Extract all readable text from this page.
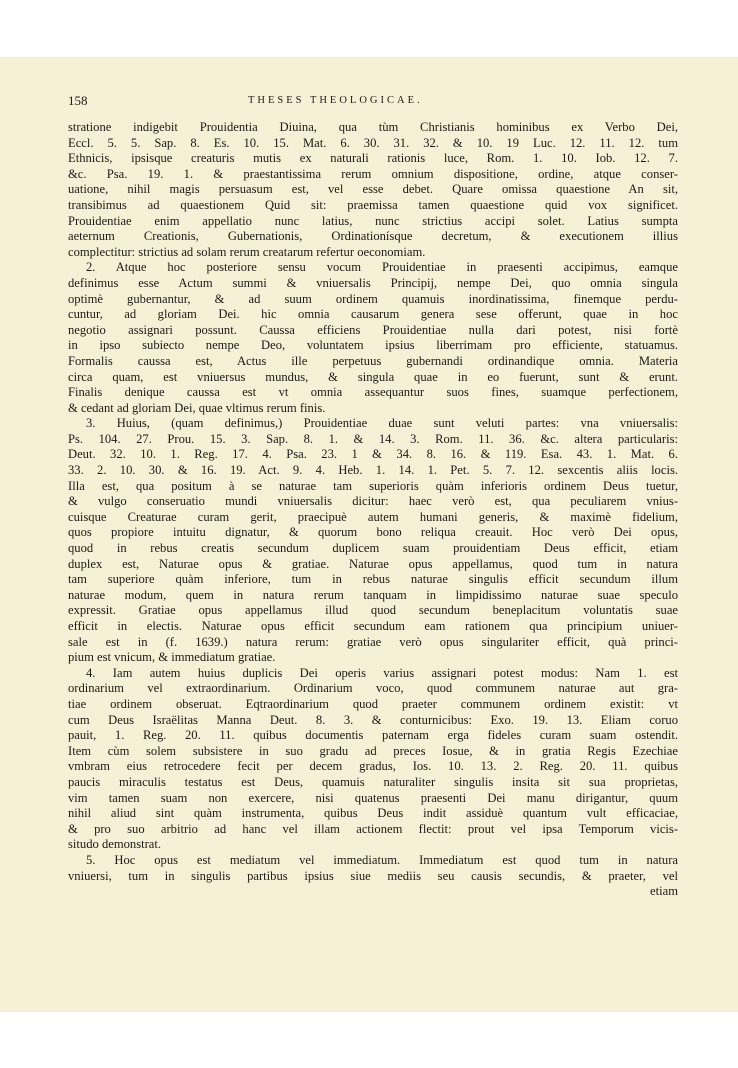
158	THESES THEOLOGICAE.
stratione indigebit Prouidentia Diuina, qua tùm Christianis hominibus ex Verbo Dei,
Eccl. 5. 5. Sap. 8. Es. 10. 15. Mat. 6. 30. 31. 32. & 10. 19 Luc. 12. 11. 12. tum
Ethnicis, ipsisque creaturis mutis ex naturali rationis luce, Rom. 1. 10. Iob. 12. 7.
&c. Psa. 19. 1. & praestantissima rerum omnium dispositione, ordine, atque conser-
uatione, nihil magis persuasum est, vel esse debet. Quare omissa quaestione An sit,
transibimus ad quaestionem Quid sit: praemissa tamen quaestione quid vox significet.
Prouidentiae enim appellatio nunc latius, nunc strictius accipi solet. Latius sumpta
aeternum Creationis, Gubernationis, Ordinationísque decretum, & executionem illius
complectitur: strictius ad solam rerum creatarum refertur oeconomiam.
2. Atque hoc posteriore sensu vocum Prouidentiae in praesenti accipimus, eamque
definimus esse Actum summi & vniuersalis Principij, nempe Dei, quo omnia singula
optimè gubernantur, & ad suum ordinem quamuis inordinatissima, finemque perdu-
cuntur, ad gloriam Dei. hic omnia causarum genera sese offerunt, quae in hoc
negotio assignari possunt. Caussa efficiens Prouidentiae nulla dari potest, nisi fortè
in ipso subiecto nempe Deo, voluntatem ipsius liberrimam pro efficiente, statuamus.
Formalis caussa est, Actus ille perpetuus gubernandi ordinandique omnia. Materia
circa quam, est vniuersus mundus, & singula quae in eo fuerunt, sunt & erunt.
Finalis denique caussa est vt omnia assequantur suos fines, suamque perfectionem,
& cedant ad gloriam Dei, quae vltimus rerum finis.
3. Huius, (quam definimus,) Prouidentiae duae sunt veluti partes: vna vniuersalis:
Ps. 104. 27. Prou. 15. 3. Sap. 8. 1. & 14. 3. Rom. 11. 36. &c. altera particularis:
Deut. 32. 10. 1. Reg. 17. 4. Psa. 23. 1 & 34. 8. 16. & 119. Esa. 43. 1. Mat. 6.
33. 2. 10. 30. & 16. 19. Act. 9. 4. Heb. 1. 14. 1. Pet. 5. 7. 12. sexcentis aliis locis.
Illa est, qua positum à se naturae tam superioris quàm inferioris ordinem Deus tuetur,
& vulgo conseruatio mundi vniuersalis dicitur: haec verò est, qua peculiarem vnius-
cuisque Creaturae curam gerit, praecipuè autem humani generis, & maximè fidelium,
quos propiore intuitu dignatur, & quorum bono reliqua creauit. Hoc verò Dei opus,
quod in rebus creatis secundum duplicem suam prouidentiam Deus efficit, etiam
duplex est, Naturae opus & gratiae. Naturae opus appellamus, quod tum in natura
tam superiore quàm inferiore, tum in rebus naturae singulis efficit secundum illum
naturae modum, quem in natura rerum tanquam in limpidissimo naturae suae speculo
expressit. Gratiae opus appellamus illud quod secundum beneplacitum voluntatis suae
efficit in electis. Naturae opus efficit secundum eam rationem qua principium uniuer-
sale est in (f. 1639.) natura rerum: gratiae verò opus singulariter efficit, quà princi-
pium est vnicum, & immediatum gratiae.
4. Iam autem huius duplicis Dei operis varius assignari potest modus: Nam 1. est
ordinarium vel extraordinarium. Ordinarium voco, quod communem naturae aut gra-
tiae ordinem obseruat. Eqtraordinarium quod praeter communem ordinem existit: vt
cum Deus Israëlitas Manna Deut. 8. 3. & conturnicibus: Exo. 19. 13. Eliam coruo
pauit, 1. Reg. 20. 11. quibus documentis paternam erga fideles curam suam ostendit.
Item cùm solem subsistere in suo gradu ad preces Iosue, & in gratia Regis Ezechiae
vmbram eius retrocedere fecit per decem gradus, Ios. 10. 13. 2. Reg. 20. 11. quibus
paucis miraculis testatus est Deus, quamuis naturaliter singulis insita sit sua proprietas,
vim tamen suam non exercere, nisi quatenus praesenti Dei manu dirigantur, quum
nihil aliud sint quàm instrumenta, quibus Deus indit assiduè quantum vult efficaciae,
& pro suo arbitrio ad hanc vel illam actionem flectit: prout vel ipsa Temporum vicis-
situdo demonstrat.
5. Hoc opus est mediatum vel immediatum. Immediatum est quod tum in natura
vniuersi, tum in singulis partibus ipsius siue mediis seu causis secundis, & praeter, vel
etiam
